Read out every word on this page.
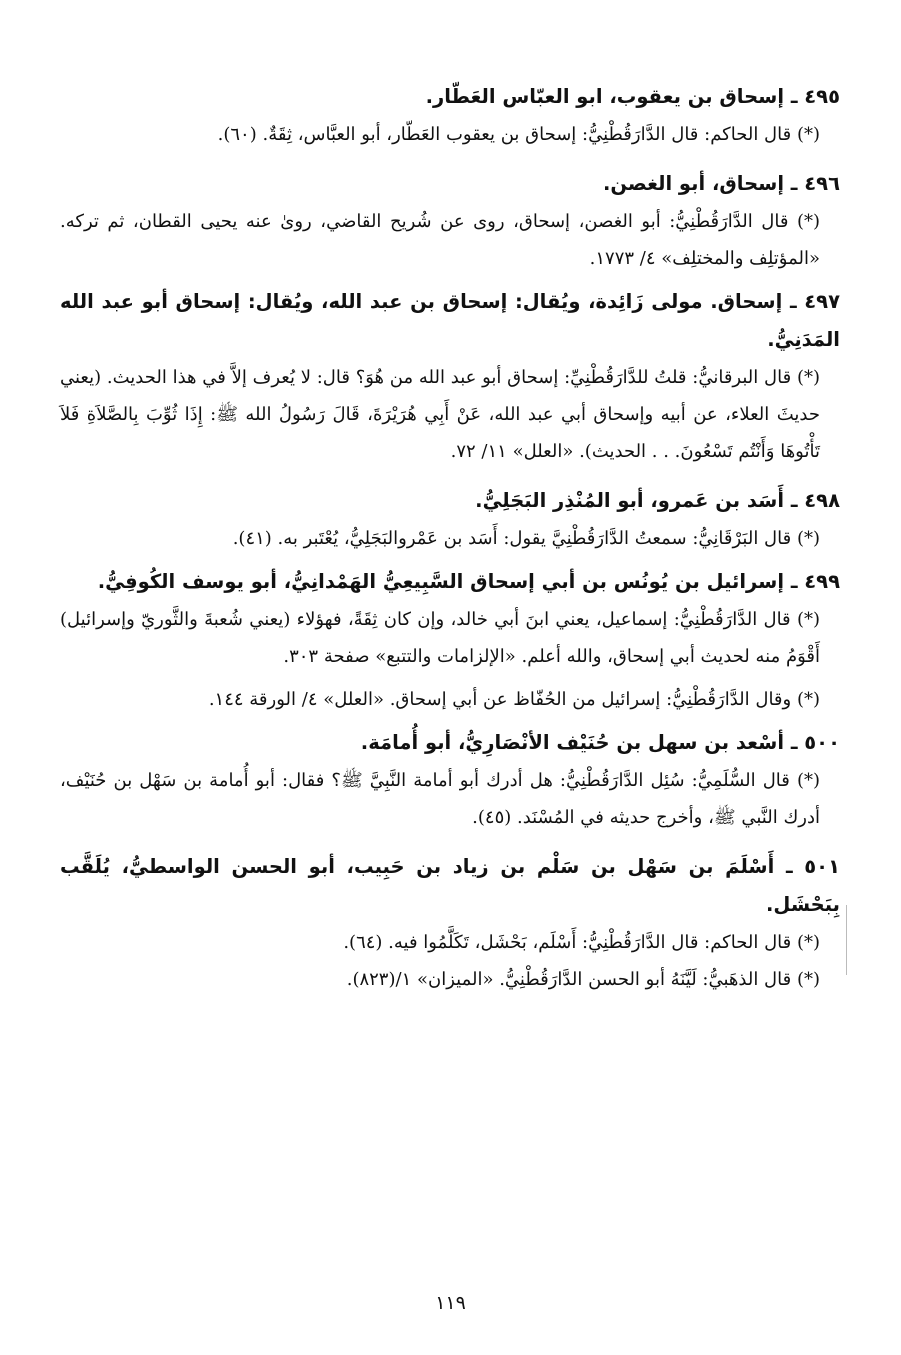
٤٩٥ ـ إسحاق بن يعقوب، ابو العبّاس العَطّار.

(*) قال الحاكم: قال الدَّارَقُطْنِيُّ: إسحاق بن يعقوب العَطّار، أبو العبَّاس، ثِقَةٌ. (٦٠).

٤٩٦ ـ إسحاق، أبو الغصن.

(*) قال الدَّارَقُطْنِيُّ: أبو الغصن، إسحاق، روى عن شُريح القاضي، روىٰ عنه يحيى القطان، ثم تركه. «المؤتلِف والمختلِف» ٤/ ١٧٧٣.

٤٩٧ ـ إسحاق. مولى زَائِدة، ويُقال: إسحاق بن عبد الله، ويُقال: إسحاق أبو عبد الله المَدَنِيُّ.

(*) قال البرقانيُّ: قلتُ للدَّارَقُطْنِيِّ: إسحاق أبو عبد الله من هُوَ؟ قال: لا يُعرف إلاَّ في هذا الحديث. (يعني حديثَ العلاء، عن أبيه وإسحاق أبي عبد الله، عَنْ أَبِي هُرَيْرَةَ، قَالَ رَسُولُ الله ﷺ: إِذَا ثُوِّبَ بِالصَّلاَةِ فَلاَ تَأْتُوهَا وَأَنْتُم تَسْعُونَ. . . الحديث). «العلل» ١١/ ٧٢.

٤٩٨ ـ أَسَد بن عَمرو، أبو المُنْذِر البَجَلِيُّ.

(*) قال البَرْقَانِيُّ: سمعتُ الدَّارَقُطْنِيَّ يقول: أَسَد بن عَمْروالبَجَلِيُّ، يُعْتَبر به. (٤١).

٤٩٩ ـ إسرائيل بن يُونُس بن أبي إسحاق السَّبِيعِيُّ الهَمْدانِيُّ، أبو يوسف الكُوفِيُّ.

(*) قال الدَّارَقُطْنِيُّ: إسماعيل، يعني ابنَ أبي خالد، وإن كان ثِقَةً، فهؤلاء (يعني شُعبةَ والثَّوريّ وإسرائيل) أَقْوَمُ منه لحديث أبي إسحاق، والله أعلم. «الإلزامات والتتبع» صفحة ٣٠٣.

(*) وقال الدَّارَقُطْنِيُّ: إسرائيل من الحُفّاظ عن أبي إسحاق. «العلل» ٤/ الورقة ١٤٤.

٥٠٠ ـ أسْعد بن سهل بن حُنَيْف الأنْصَارِيُّ، أبو أُمامَة.

(*) قال السُّلَمِيُّ: سُئِل الدَّارَقُطْنِيُّ: هل أدرك أبو أمامة النَّبِيَّ ﷺ؟ فقال: أبو أُمامة بن سَهْل بن حُنَيْف، أدرك النَّبي ﷺ، وأخرج حديثه في المُسْنَد. (٤٥).

٥٠١ ـ أَسْلَمَ بن سَهْل بن سَلْم بن زياد بن حَبِيب، أبو الحسن الواسطيُّ، يُلَقَّب بِبَحْشَل.

(*) قال الحاكم: قال الدَّارَقُطْنِيُّ: أَسْلَم، بَحْشَل، تَكَلَّمُوا فيه. (٦٤).

(*) قال الذهَبيُّ: لَيَّنَهُ أبو الحسن الدَّارَقُطْنِيُّ. «الميزان» ١/(٨٢٣).

١١٩
